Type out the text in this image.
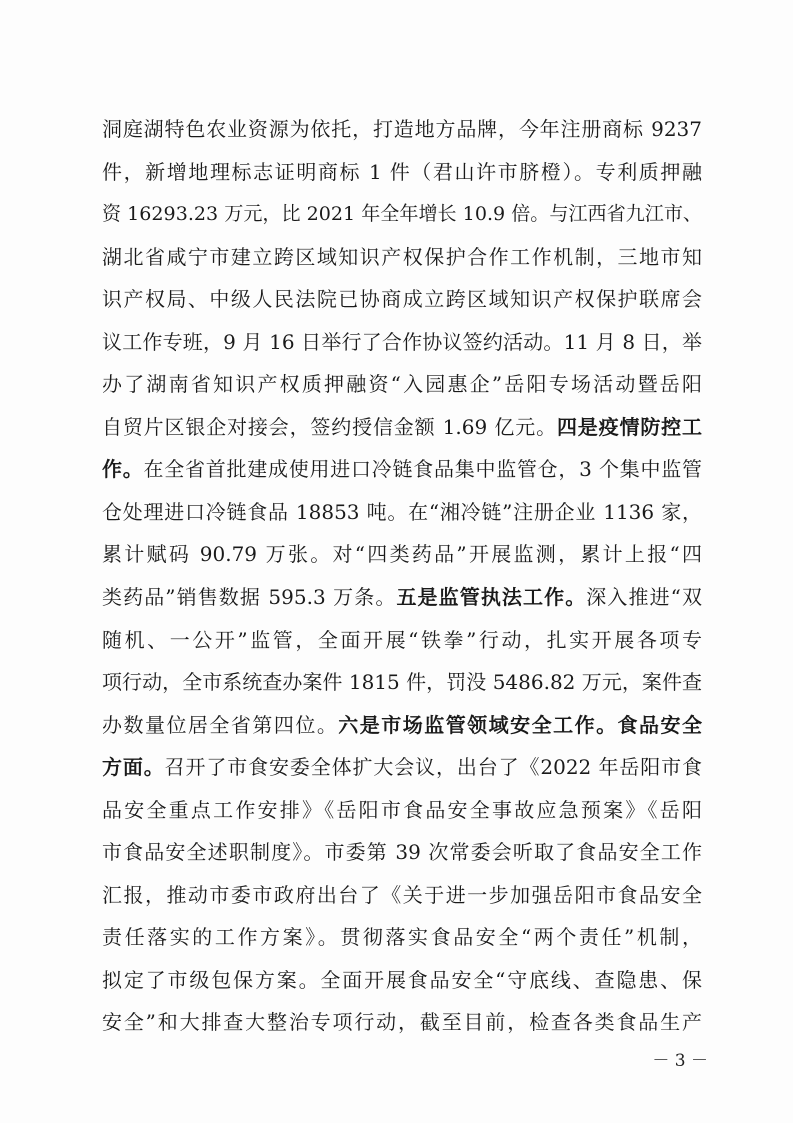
洞庭湖特色农业资源为依托，打造地方品牌，今年注册商标 9237
件，新增地理标志证明商标 1 件（君山许市脐橙）。专利质押融
资 16293.23 万元，比 2021 年全年增长 10.9 倍。与江西省九江市、
湖北省咸宁市建立跨区域知识产权保护合作工作机制，三地市知
识产权局、中级人民法院已协商成立跨区域知识产权保护联席会
议工作专班，9 月 16 日举行了合作协议签约活动。11 月 8 日，举
办了湖南省知识产权质押融资“入园惠企”岳阳专场活动暨岳阳
自贸片区银企对接会，签约授信金额 1.69 亿元。四是疫情防控工
作。在全省首批建成使用进口冷链食品集中监管仓，3 个集中监管
仓处理进口冷链食品 18853 吨。在“湘冷链”注册企业 1136 家，
累计赋码 90.79 万张。对“四类药品”开展监测，累计上报“四
类药品”销售数据 595.3 万条。五是监管执法工作。深入推进“双
随机、一公开”监管，全面开展“铁拳”行动，扎实开展各项专
项行动，全市系统查办案件 1815 件，罚没 5486.82 万元，案件查
办数量位居全省第四位。六是市场监管领域安全工作。食品安全
方面。召开了市食安委全体扩大会议，出台了《2022 年岳阳市食
品安全重点工作安排》《岳阳市食品安全事故应急预案》《岳阳
市食品安全述职制度》。市委第 39 次常委会听取了食品安全工作
汇报，推动市委市政府出台了《关于进一步加强岳阳市食品安全
责任落实的工作方案》。贯彻落实食品安全“两个责任”机制，
拟定了市级包保方案。全面开展食品安全“守底线、查隐患、保
安全”和大排查大整治专项行动，截至目前，检查各类食品生产
－ 3 －
